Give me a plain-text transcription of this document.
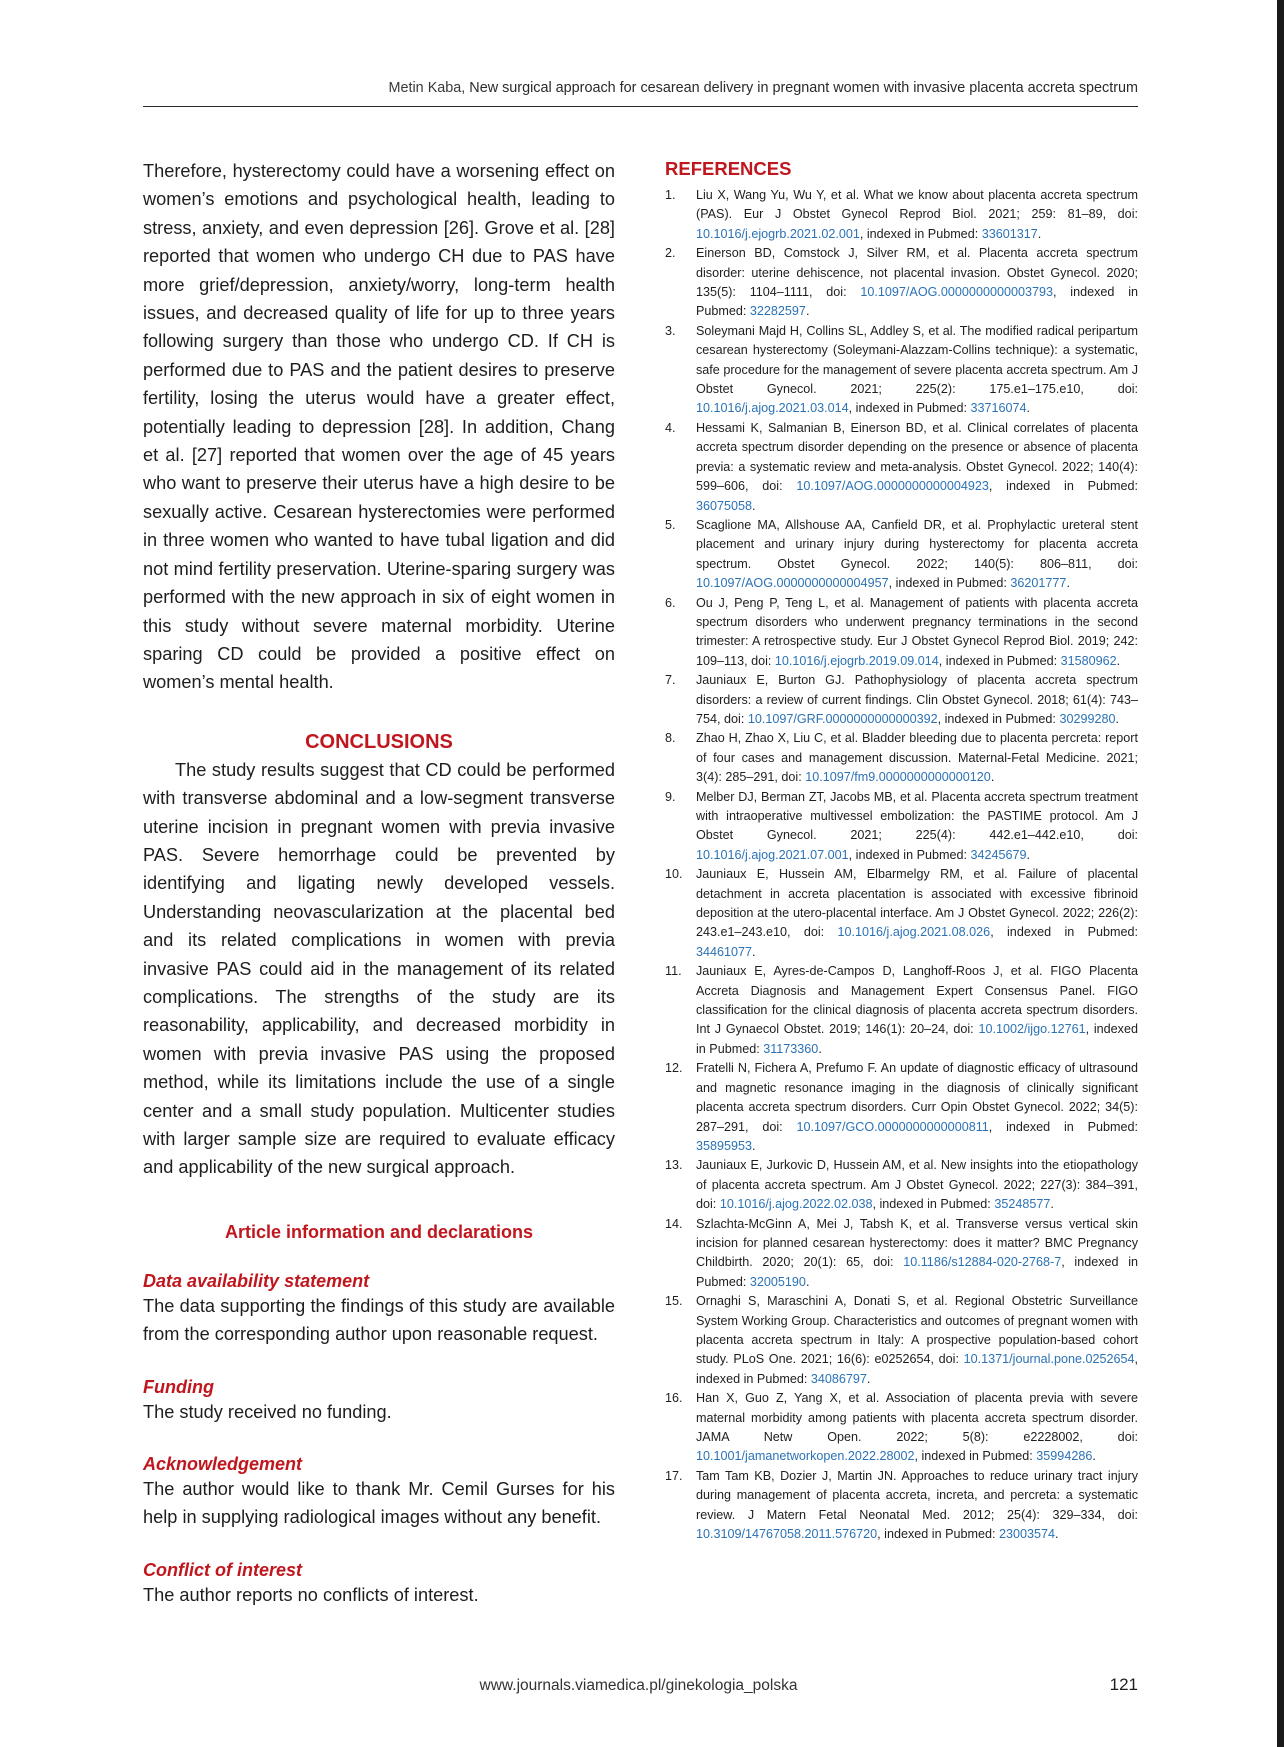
Metin Kaba, New surgical approach for cesarean delivery in pregnant women with invasive placenta accreta spectrum

Therefore, hysterectomy could have a worsening effect on women’s emotions and psychological health, leading to stress, anxiety, and even depression [26]. Grove et al. [28] reported that women who undergo CH due to PAS have more grief/depression, anxiety/worry, long-term health issues, and decreased quality of life for up to three years following surgery than those who undergo CD. If CH is performed due to PAS and the patient desires to preserve fertility, losing the uterus would have a greater effect, potentially leading to depression [28]. In addition, Chang et al. [27] reported that women over the age of 45 years who want to preserve their uterus have a high desire to be sexually active. Cesarean hysterectomies were performed in three women who wanted to have tubal ligation and did not mind fertility preservation. Uterine-sparing surgery was performed with the new approach in six of eight women in this study without severe maternal morbidity. Uterine sparing CD could be provided a positive effect on women’s mental health.

CONCLUSIONS

The study results suggest that CD could be performed with transverse abdominal and a low-segment transverse uterine incision in pregnant women with previa invasive PAS. Severe hemorrhage could be prevented by identifying and ligating newly developed vessels. Understanding neovascularization at the placental bed and its related complications in women with previa invasive PAS could aid in the management of its related complications. The strengths of the study are its reasonability, applicability, and decreased morbidity in women with previa invasive PAS using the proposed method, while its limitations include the use of a single center and a small study population. Multicenter studies with larger sample size are required to evaluate efficacy and applicability of the new surgical approach.

Article information and declarations

Data availability statement

The data supporting the findings of this study are available from the corresponding author upon reasonable request.

Funding

The study received no funding.

Acknowledgement

The author would like to thank Mr. Cemil Gurses for his help in supplying radiological images without any benefit.

Conflict of interest

The author reports no conflicts of interest.

REFERENCES
1. Liu X, Wang Yu, Wu Y, et al. What we know about placenta accreta spectrum (PAS). Eur J Obstet Gynecol Reprod Biol. 2021; 259: 81–89, doi: 10.1016/j.ejogrb.2021.02.001, indexed in Pubmed: 33601317.
2. Einerson BD, Comstock J, Silver RM, et al. Placenta accreta spectrum disorder: uterine dehiscence, not placental invasion. Obstet Gynecol. 2020; 135(5): 1104–1111, doi: 10.1097/AOG.0000000000003793, indexed in Pubmed: 32282597.
3. Soleymani Majd H, Collins SL, Addley S, et al. The modified radical peripartum cesarean hysterectomy (Soleymani-Alazzam-Collins technique): a systematic, safe procedure for the management of severe placenta accreta spectrum. Am J Obstet Gynecol. 2021; 225(2): 175.e1–175.e10, doi: 10.1016/j.ajog.2021.03.014, indexed in Pubmed: 33716074.
4. Hessami K, Salmanian B, Einerson BD, et al. Clinical correlates of placenta accreta spectrum disorder depending on the presence or absence of placenta previa: a systematic review and meta-analysis. Obstet Gynecol. 2022; 140(4): 599–606, doi: 10.1097/AOG.0000000000004923, indexed in Pubmed: 36075058.
5. Scaglione MA, Allshouse AA, Canfield DR, et al. Prophylactic ureteral stent placement and urinary injury during hysterectomy for placenta accreta spectrum. Obstet Gynecol. 2022; 140(5): 806–811, doi: 10.1097/AOG.0000000000004957, indexed in Pubmed: 36201777.
6. Ou J, Peng P, Teng L, et al. Management of patients with placenta accreta spectrum disorders who underwent pregnancy terminations in the second trimester: A retrospective study. Eur J Obstet Gynecol Reprod Biol. 2019; 242: 109–113, doi: 10.1016/j.ejogrb.2019.09.014, indexed in Pubmed: 31580962.
7. Jauniaux E, Burton GJ. Pathophysiology of placenta accreta spectrum disorders: a review of current findings. Clin Obstet Gynecol. 2018; 61(4): 743–754, doi: 10.1097/GRF.0000000000000392, indexed in Pubmed: 30299280.
8. Zhao H, Zhao X, Liu C, et al. Bladder bleeding due to placenta percreta: report of four cases and management discussion. Maternal-Fetal Medicine. 2021; 3(4): 285–291, doi: 10.1097/fm9.0000000000000120.
9. Melber DJ, Berman ZT, Jacobs MB, et al. Placenta accreta spectrum treatment with intraoperative multivessel embolization: the PASTIME protocol. Am J Obstet Gynecol. 2021; 225(4): 442.e1–442.e10, doi: 10.1016/j.ajog.2021.07.001, indexed in Pubmed: 34245679.
10. Jauniaux E, Hussein AM, Elbarmelgy RM, et al. Failure of placental detachment in accreta placentation is associated with excessive fibrinoid deposition at the utero-placental interface. Am J Obstet Gynecol. 2022; 226(2): 243.e1–243.e10, doi: 10.1016/j.ajog.2021.08.026, indexed in Pubmed: 34461077.
11. Jauniaux E, Ayres-de-Campos D, Langhoff-Roos J, et al. FIGO Placenta Accreta Diagnosis and Management Expert Consensus Panel. FIGO classification for the clinical diagnosis of placenta accreta spectrum disorders. Int J Gynaecol Obstet. 2019; 146(1): 20–24, doi: 10.1002/ijgo.12761, indexed in Pubmed: 31173360.
12. Fratelli N, Fichera A, Prefumo F. An update of diagnostic efficacy of ultrasound and magnetic resonance imaging in the diagnosis of clinically significant placenta accreta spectrum disorders. Curr Opin Obstet Gynecol. 2022; 34(5): 287–291, doi: 10.1097/GCO.0000000000000811, indexed in Pubmed: 35895953.
13. Jauniaux E, Jurkovic D, Hussein AM, et al. New insights into the etiopathology of placenta accreta spectrum. Am J Obstet Gynecol. 2022; 227(3): 384–391, doi: 10.1016/j.ajog.2022.02.038, indexed in Pubmed: 35248577.
14. Szlachta-McGinn A, Mei J, Tabsh K, et al. Transverse versus vertical skin incision for planned cesarean hysterectomy: does it matter? BMC Pregnancy Childbirth. 2020; 20(1): 65, doi: 10.1186/s12884-020-2768-7, indexed in Pubmed: 32005190.
15. Ornaghi S, Maraschini A, Donati S, et al. Regional Obstetric Surveillance System Working Group. Characteristics and outcomes of pregnant women with placenta accreta spectrum in Italy: A prospective population-based cohort study. PLoS One. 2021; 16(6): e0252654, doi: 10.1371/journal.pone.0252654, indexed in Pubmed: 34086797.
16. Han X, Guo Z, Yang X, et al. Association of placenta previa with severe maternal morbidity among patients with placenta accreta spectrum disorder. JAMA Netw Open. 2022; 5(8): e2228002, doi: 10.1001/jamanetworkopen.2022.28002, indexed in Pubmed: 35994286.
17. Tam Tam KB, Dozier J, Martin JN. Approaches to reduce urinary tract injury during management of placenta accreta, increta, and percreta: a systematic review. J Matern Fetal Neonatal Med. 2012; 25(4): 329–334, doi: 10.3109/14767058.2011.576720, indexed in Pubmed: 23003574.
www.journals.viamedica.pl/ginekologia_polska	121
